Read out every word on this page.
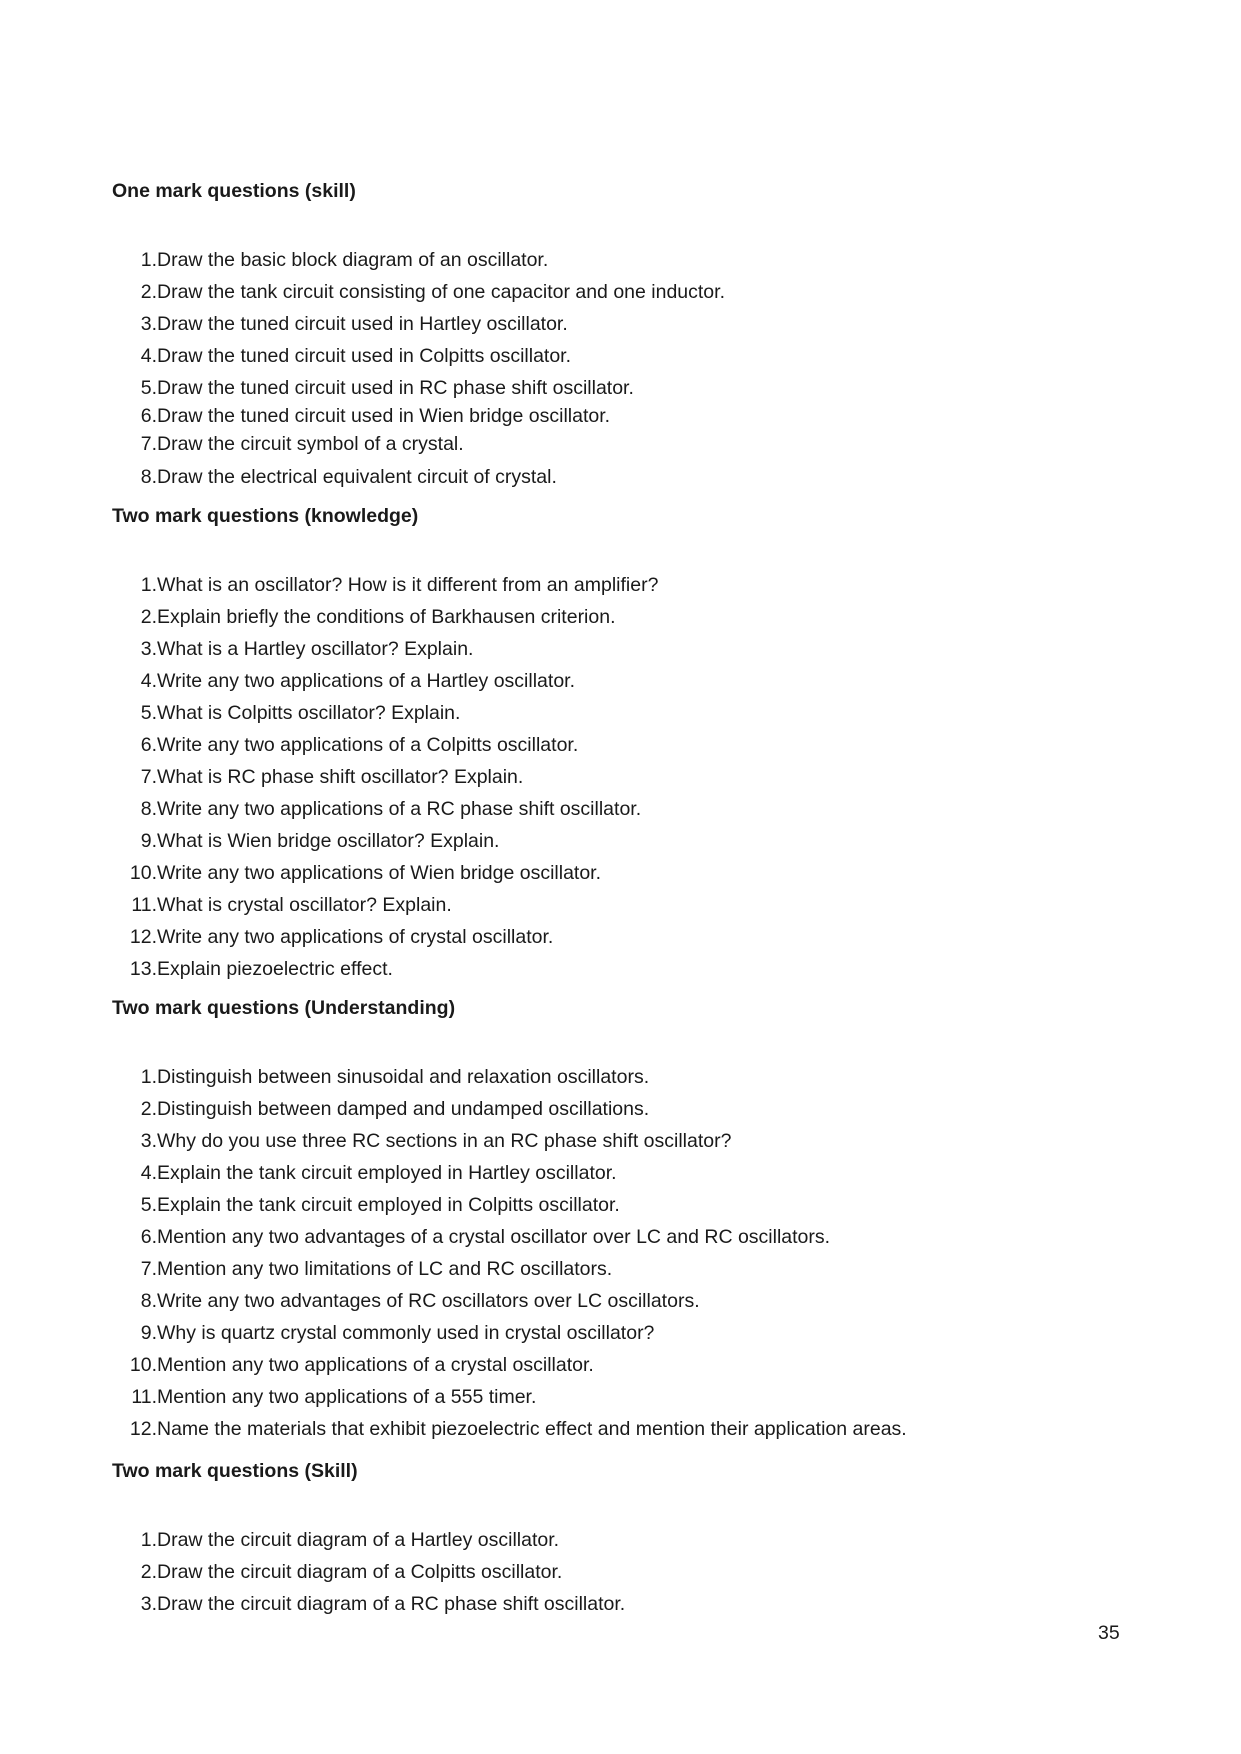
One mark questions (skill)

1. Draw the basic block diagram of an oscillator.
2. Draw the tank circuit consisting of one capacitor and one inductor.
3. Draw the tuned circuit used in Hartley oscillator.
4. Draw the tuned circuit used in Colpitts oscillator.
5. Draw the tuned circuit used in RC phase shift oscillator.
6. Draw the tuned circuit used in Wien bridge oscillator.
7. Draw the circuit symbol of a crystal.
8. Draw the electrical equivalent circuit of crystal.

Two mark questions (knowledge)

1. What is an oscillator? How is it different from an amplifier?
2. Explain briefly the conditions of Barkhausen criterion.
3. What is a Hartley oscillator? Explain.
4. Write any two applications of a Hartley oscillator.
5. What is Colpitts oscillator? Explain.
6. Write any two applications of a Colpitts oscillator.
7. What is RC phase shift oscillator? Explain.
8. Write any two applications of a RC phase shift oscillator.
9. What is Wien bridge oscillator? Explain.
10. Write any two applications of Wien bridge oscillator.
11. What is crystal oscillator? Explain.
12. Write any two applications of crystal oscillator.
13. Explain piezoelectric effect.

Two mark questions (Understanding)

1. Distinguish between sinusoidal and relaxation oscillators.
2. Distinguish between damped and undamped oscillations.
3. Why do you use three RC sections in an RC phase shift oscillator?
4. Explain the tank circuit employed in Hartley oscillator.
5. Explain the tank circuit employed in Colpitts oscillator.
6. Mention any two advantages of a crystal oscillator over LC and RC oscillators.
7. Mention any two limitations of LC and RC oscillators.
8. Write any two advantages of RC oscillators over LC oscillators.
9. Why is quartz crystal commonly used in crystal oscillator?
10. Mention any two applications of a crystal oscillator.
11. Mention any two applications of a 555 timer.
12. Name the materials that exhibit piezoelectric effect and mention their application areas.

Two mark questions (Skill)

1. Draw the circuit diagram of a Hartley oscillator.
2. Draw the circuit diagram of a Colpitts oscillator.
3. Draw the circuit diagram of a RC phase shift oscillator.
35
